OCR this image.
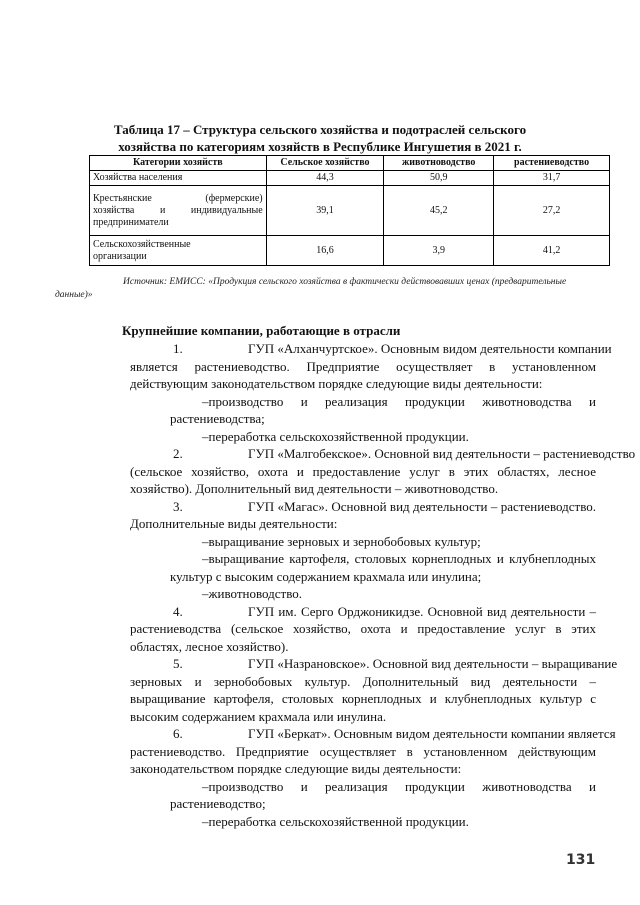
Таблица 17 – Структура сельского хозяйства и подотраслей сельского
хозяйства по категориям хозяйств в Республике Ингушетия в 2021 г.

Категории хозяйств	Сельское хозяйство	животноводство	растениеводство
Хозяйства населения	44,3	50,9	31,7

Крестьянские (фермерские)
хозяйства и индивидуальные
предприниматели	39,1	45,2	27,2

Сельскохозяйственные
организации	16,6	3,9	41,2
Источник: ЕМИСС: «Продукция сельского хозяйства в фактически действовавших ценах (предварительные
данные)»
Крупнейшие компании, работающие в отрасли
1.	ГУП «Алханчуртское». Основным видом деятельности компании
является растениеводство. Предприятие осуществляет в установленном
действующим законодательством порядке следующие виды деятельности:
–производство и реализация продукции животноводства и
растениеводства;
–переработка сельскохозяйственной продукции.
2.	ГУП «Малгобекское». Основной вид деятельности – растениеводство
(сельское хозяйство, охота и предоставление услуг в этих областях, лесное
хозяйство). Дополнительный вид деятельности – животноводство.
3.	ГУП «Магас». Основной вид деятельности – растениеводство.
Дополнительные виды деятельности:
–выращивание зерновых и зернобобовых культур;
–выращивание картофеля, столовых корнеплодных и клубнеплодных
культур с высоким содержанием крахмала или инулина;
–животноводство.
4.	ГУП им. Серго Орджоникидзе. Основной вид деятельности –
растениеводства (сельское хозяйство, охота и предоставление услуг в этих
областях, лесное хозяйство).
5.	ГУП «Назрановское». Основной вид деятельности – выращивание
зерновых и зернобобовых культур. Дополнительный вид деятельности –
выращивание картофеля, столовых корнеплодных и клубнеплодных культур с
высоким содержанием крахмала или инулина.
6.	ГУП «Беркат». Основным видом деятельности компании является
растениеводство. Предприятие осуществляет в установленном действующим
законодательством порядке следующие виды деятельности:
–производство и реализация продукции животноводства и
растениеводство;
–переработка сельскохозяйственной продукции.
131
